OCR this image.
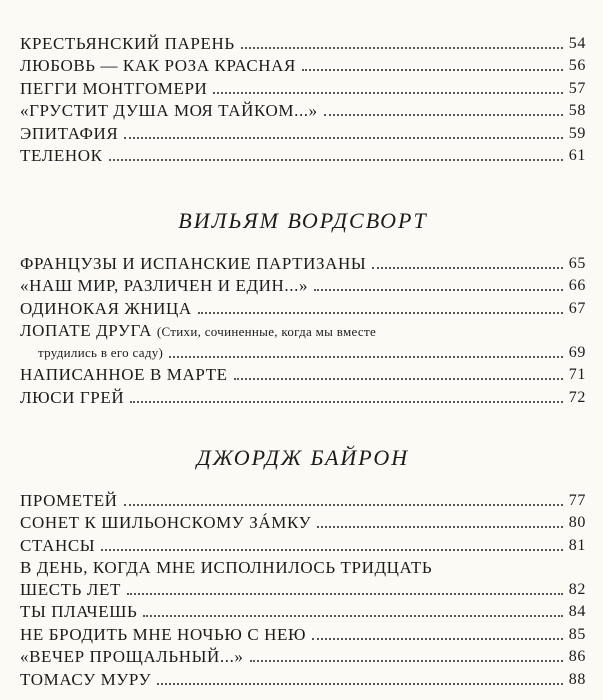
КРЕСТЬЯНСКИЙ ПАРЕНЬ	54
ЛЮБОВЬ — КАК РОЗА КРАСНАЯ	56
ПЕГГИ МОНТГОМЕРИ	57
«ГРУСТИТ ДУША МОЯ ТАЙКОМ...»	58
ЭПИТАФИЯ	59
ТЕЛЕНОК	61
ВИЛЬЯМ ВОРДСВОРТ
ФРАНЦУЗЫ И ИСПАНСКИЕ ПАРТИЗАНЫ	65
«НАШ МИР, РАЗЛИЧЕН И ЕДИН...»	66
ОДИНОКАЯ ЖНИЦА	67
ЛОПАТЕ ДРУГА (Стихи, сочиненные, когда мы вместе
трудились в его саду)	69
НАПИСАННОЕ В МАРТЕ	71
ЛЮСИ ГРЕЙ	72
ДЖОРДЖ БАЙРОН
ПРОМЕТЕЙ	77
СОНЕТ К ШИЛЬОНСКОМУ ЗÁМКУ	80
СТАНСЫ	81
В ДЕНЬ, КОГДА МНЕ ИСПОЛНИЛОСЬ ТРИДЦАТЬ
ШЕСТЬ ЛЕТ	82
ТЫ ПЛАЧЕШЬ	84
НЕ БРОДИТЬ МНЕ НОЧЬЮ С НЕЮ	85
«ВЕЧЕР ПРОЩАЛЬНЫЙ...»	86
ТОМАСУ МУРУ	88
